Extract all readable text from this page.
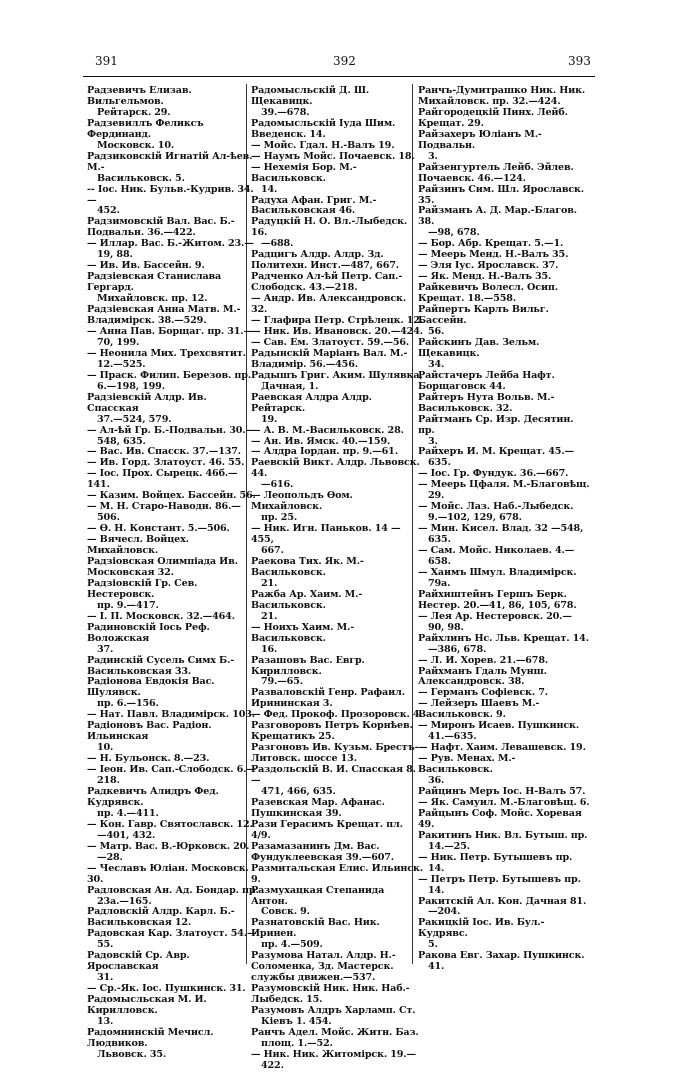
391	392	393
Радзевичъ Елизав. Вильгельмов.
Рейтарск. 29.
Радзевиллъ Феликсъ Фердинанд.
Московск. 10.
Радзиковскій Игнатій Ал-ѣев. М.-
Васильковск. 5.
-- Іос. Ник. Бульв.-Кудрив. 34.—
452.
Радзимовскій Вал. Вас. Б.-Подвальн. 36.—422.
— Иллар. Вас. Б.-Житом. 23.—
19, 88.
— Ив. Ив. Бассейн. 9.
Радзіевская Станислава Гергард.
Михайловск. пр. 12.
Радзіевская Анна Матв. М.-Владимірск. 38.—529.
— Анна Пав. Борщаг. пр. 31.—
70, 199.
— Неонила Мих. Трехсвятит.
12.—525.
— Праск. Филип. Березов. пр.
6.—198, 199.
Радзіевскій Алдр. Ив. Спасская
37.—524, 579.
— Ал-ѣй Гр. Б.-Подвальн. 30.—
548, 635.
— Вас. Ив. Спасск. 37.—137.
— Ив. Горд. Златоуст. 46. 55.
— Іос. Прох. Сырецк. 46б.—141.
— Казим. Войцех. Бассейн. 56.
— М. Н. Старо-Наводн. 86.—
506.
— Ѳ. Н. Констант. 5.—506.
— Вячесл. Войцех. Михайловск.
Радзіовская Олимпіада Ив. Московская 32.
Радзіовскій Гр. Сев. Нестеровск.
пр. 9.—417.
— І. П. Московск. 32.—464.
Радиновскій Іось Реф. Воложская
37.
Радинскій Сусель Симх Б.-Васильковская 33.
Радіонова Евдокія Вас. Шулявск.
пр. 6.—156.
— Нат. Павл. Владимірск. 103.
Радіоновъ Вас. Радіон. Ильинская
10.
— Н. Бульонск. 8.—23.
— Іеон. Ив. Сап.-Слободск. 6.—
218.
Радкевичъ Алидръ Фед. Кудрявск.
пр. 4.—411.
— Кон. Гавр. Святославск. 12.
—401, 432.
— Матр. Вас. В.-Юрковск. 20.
—28.
— Чеславъ Юліан. Московск. 30.
Радловская Ан. Ад. Бондар. пр.
23а.—165.
Радловскій Алдр. Карл. Б.-Васильковская 12.
Радовская Кар. Златоуст. 54.—
55.
Радовскій Ср. Авр. Ярославская
31.
— Ср.-Як. Іос. Пушкинск. 31.
Радомысльская М. И. Кирилловск.
13.
Радомнинскій Мечисл. Людвиков.
Львовск. 35.
Радомысльскій Д. Ш. Щекавицк.
39.—678.
Радомысльскій Іуда Шим. Введенск. 14.
— Мойс. Гдал. Н.-Валъ 19.
— Наумъ Мойс. Почаевск. 18.
— Нехемія Бор. М.-Васильковск.
14.
Радуха Афан. Григ. М.-Васильковская 46.
Радуцкій Н. О. Вл.-Лыбедск. 16.
—688.
Радцигъ Алдр. Алдр. Зд. Политехн. Инст.—487, 667.
Радченко Ал-ѣй Петр. Сап.-Слободск. 43.—218.
— Андр. Ив. Александровск. 32.
— Глафира Петр. Стрѣлецк. 12.
— Ник. Ив. Ивановск. 20.—424.
— Сав. Ем. Златоуст. 59.—56.
Радынскій Маріанъ Вал. М.-Владимір. 56.—456.
Радышъ Григ. Аким. Шулявка,
Дачная, 1.
Раевская Алдра Алдр. Рейтарск.
19.
— А. В. М.-Васильковск. 28.
— Ан. Ив. Ямск. 40.—159.
— Алдра Іордан. пр. 9.—61.
Раевскій Викт. Алдр. Львовск. 44.
—616.
— Леопольдъ Ѳом. Михайловск.
пр. 25.
— Ник. Игн. Паньков. 14 —455,
667.
Раекова Тих. Як. М.-Васильковск.
21.
Ражба Ар. Хаим. М.-Васильковск.
21.
— Ноихъ Хаим. М.-Васильковск.
16.
Разашовъ Вас. Евгр. Кирилловск.
79.—65.
Разваловскій Генр. Рафаил. Ирининская 3.
— Фед. Прокоф. Прозоровск. 4.
Разговоровъ Петръ Корнѣев. Крещатикъ 25.
Разгоновъ Ив. Кузьм. Брестъ-Литовск. шоссе 13.
Раздольскій В. И. Спасская 8.—
471, 466, 635.
Разевская Мар. Афанас. Пушкинская 39.
Рази Герасимъ Крещат. пл. 4/9.
Разамазанинъ Дм. Вас. Фундуклеевская 39.—607.
Размитальская Елис. Ильинск. 9.
Размухацкая Степанида Антон.
Совск. 9.
Разнатовскій Вас. Ник. Иринен.
пр. 4.—509.
Разумова Натал. Алдр. Н.-Соломенка, Зд. Мастерск. службы движен.—537.
Разумовскій Ник. Ник. Наб.-Лыбедск. 15.
Разумовъ Алдръ Харламп. Ст.
Кіевъ 1. 454.
Ранчъ Адел. Мойс. Житн. Баз.
площ. 1.—52.
— Ник. Ник. Житомірск. 19.—
422.
Ранчъ-Думитрашко Ник. Ник. Михайловск. пр. 32.—424.
Райгородецкій Пинх. Лейб. Крещат. 29.
Райзахеръ Юліанъ М.-Подвальн.
3.
Райзенгуртель Лейб. Эйлев. Почаевск. 46.—124.
Райзинъ Сим. Шл. Ярославск. 35.
Райзманъ А. Д. Мар.-Благов. 38.
—98, 678.
— Бор. Абр. Крещат. 5.—1.
— Меерь Менд. Н.-Валъ 35.
— Эля Іус. Ярославск. 37.
— Як. Менд. Н.-Валъ 35.
Райкевичъ Волесл. Осип. Крещат. 18.—558.
Райпертъ Карлъ Вильг. Бассейн.
56.
Райскинъ Дав. Зельм. Щекавицк.
34.
Райстачеръ Лейба Нафт. Борщаговск 44.
Райтеръ Нута Вольв. М.-Васильковск. 32.
Райтманъ Ср. Изр. Десятин. пр.
3.
Райхеръ И. М. Крещат. 45.—
635.
— Іос. Гр. Фундук. 36.—667.
— Меерь Цфаля. М.-Благовѣщ.
29.
— Мойс. Лаз. Наб.-Лыбедск.
9.—102, 129, 678.
— Мин. Кисел. Влад. 32 —548,
635.
— Сам. Мойс. Николаев. 4.—
658.
— Хаимъ Шмул. Владимірск.
79а.
Райхиштейнъ Гершъ Берк. Нестер. 20.—41, 86, 105, 678.
— Лея Ар. Нестеровск. 20.—
90, 98.
Райхлинъ Нс. Льв. Крещат. 14.
—386, 678.
— Л. И. Хорев. 21.—678.
Райхманъ Гдаль Мунш. Александровск. 38.
— Германъ Софіевск. 7.
— Лейзеръ Шаевъ М.-Васильковск. 9.
— Миронъ Исаев. Пушкинск.
41.—635.
— Нафт. Хаим. Левашевск. 19.
— Рув. Менах. М.-Васильковск.
36.
Райцинъ Меръ Іос. Н-Валъ 57.
— Як. Самуил. М.-Благовѣщ. 6.
Райцынъ Соф. Мойс. Хоревая 49.
Ракитинъ Ник. Вл. Бутыш. пр.
14.—25.
— Ник. Петр. Бутышевъ пр.
14.
— Петръ Петр. Бутышевъ пр.
14.
Ракитскій Ал. Кон. Дачная 81.
—204.
Ракицкій Іос. Ив. Бул.-Кудрявс.
5.
Ракова Евг. Захар. Пушкинск.
41.
